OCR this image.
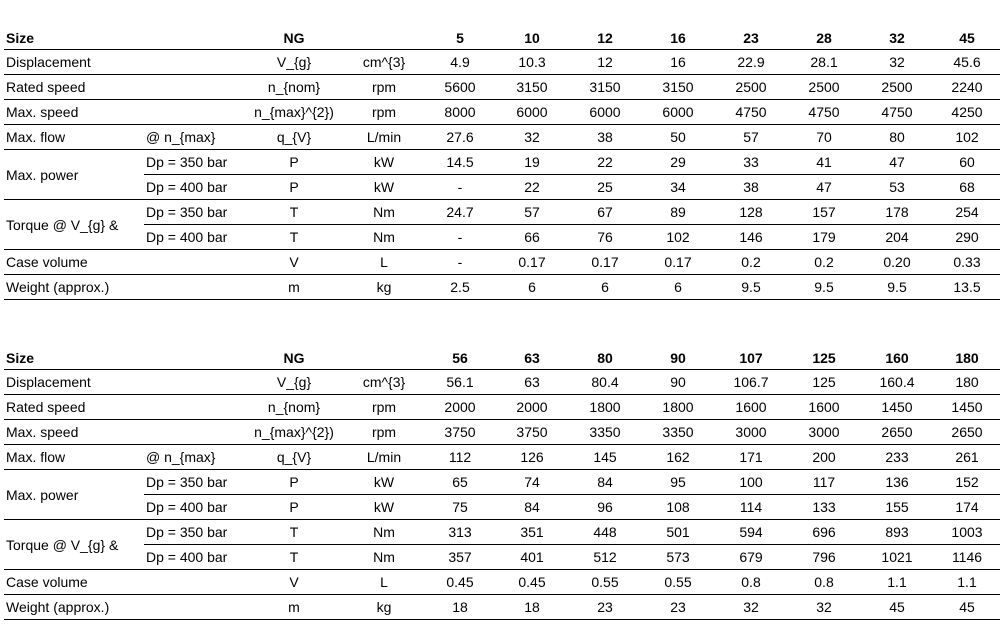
Size		NG		5	10	12	16	23	28	32	45
Displacement		V_{g}	cm^{3}	4.9	10.3	12	16	22.9	28.1	32	45.6
Rated speed		n_{nom}	rpm	5600	3150	3150	3150	2500	2500	2500	2240
Max. speed		n_{max}^{2})	rpm	8000	6000	6000	6000	4750	4750	4750	4250
Max. flow	@ n_{max}	q_{V}	L/min	27.6	32	38	50	57	70	80	102
Max. power	Dp = 350 bar	P	kW	14.5	19	22	29	33	41	47	60
	Dp = 400 bar	P	kW	-	22	25	34	38	47	53	68
Torque @ V_{g} &	Dp = 350 bar	T	Nm	24.7	57	67	89	128	157	178	254
	Dp = 400 bar	T	Nm	-	66	76	102	146	179	204	290
Case volume		V	L	-	0.17	0.17	0.17	0.2	0.2	0.20	0.33
Weight (approx.)		m	kg	2.5	6	6	6	9.5	9.5	9.5	13.5
Size		NG		56	63	80	90	107	125	160	180
Displacement		V_{g}	cm^{3}	56.1	63	80.4	90	106.7	125	160.4	180
Rated speed		n_{nom}	rpm	2000	2000	1800	1800	1600	1600	1450	1450
Max. speed		n_{max}^{2})	rpm	3750	3750	3350	3350	3000	3000	2650	2650
Max. flow	@ n_{max}	q_{V}	L/min	112	126	145	162	171	200	233	261
Max. power	Dp = 350 bar	P	kW	65	74	84	95	100	117	136	152
	Dp = 400 bar	P	kW	75	84	96	108	114	133	155	174
Torque @ V_{g} &	Dp = 350 bar	T	Nm	313	351	448	501	594	696	893	1003
	Dp = 400 bar	T	Nm	357	401	512	573	679	796	1021	1146
Case volume		V	L	0.45	0.45	0.55	0.55	0.8	0.8	1.1	1.1
Weight (approx.)		m	kg	18	18	23	23	32	32	45	45
